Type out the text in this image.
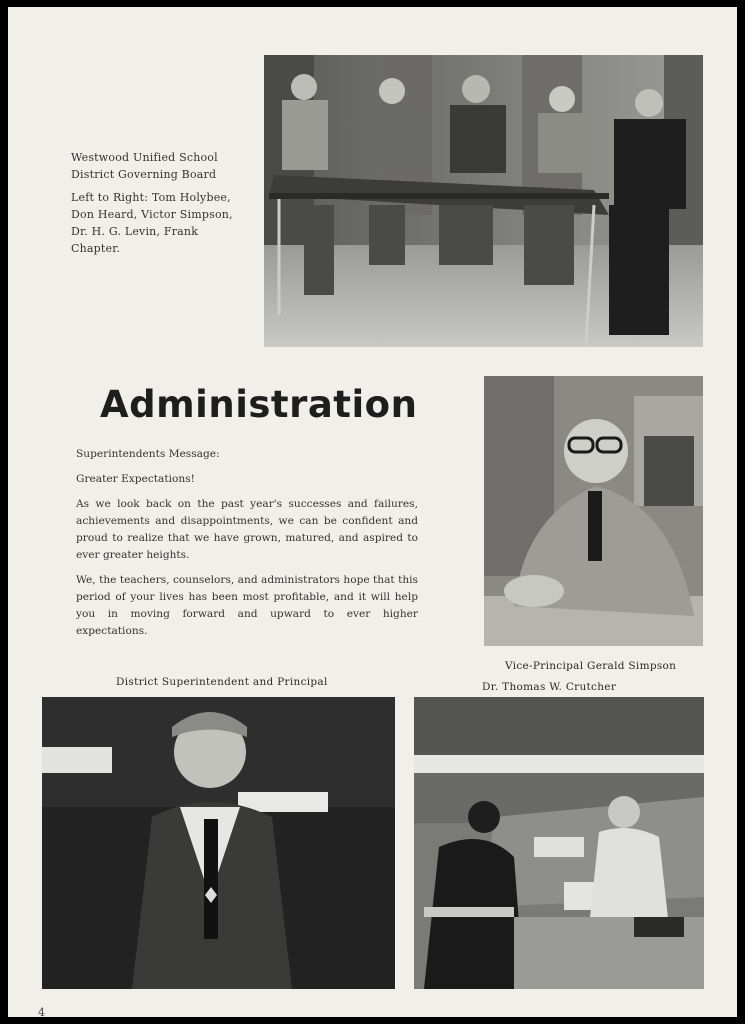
Westwood Unified School District Governing Board

Left to Right: Tom Holybee, Don Heard, Victor Simpson, Dr. H. G. Levin, Frank Chapter.

Administration

Superintendents Message:

Greater Expectations!

As we look back on the past year's successes and failures, achievements and disappointments, we can be confident and proud to realize that we have grown, matured, and aspired to ever greater heights.

We, the teachers, counselors, and administrators hope that this period of your lives has been most profitable, and it will help you in moving forward and upward to ever higher expectations.

Vice-Principal Gerald Simpson
Dr. Thomas W. Crutcher
District Superintendent and Principal
4
